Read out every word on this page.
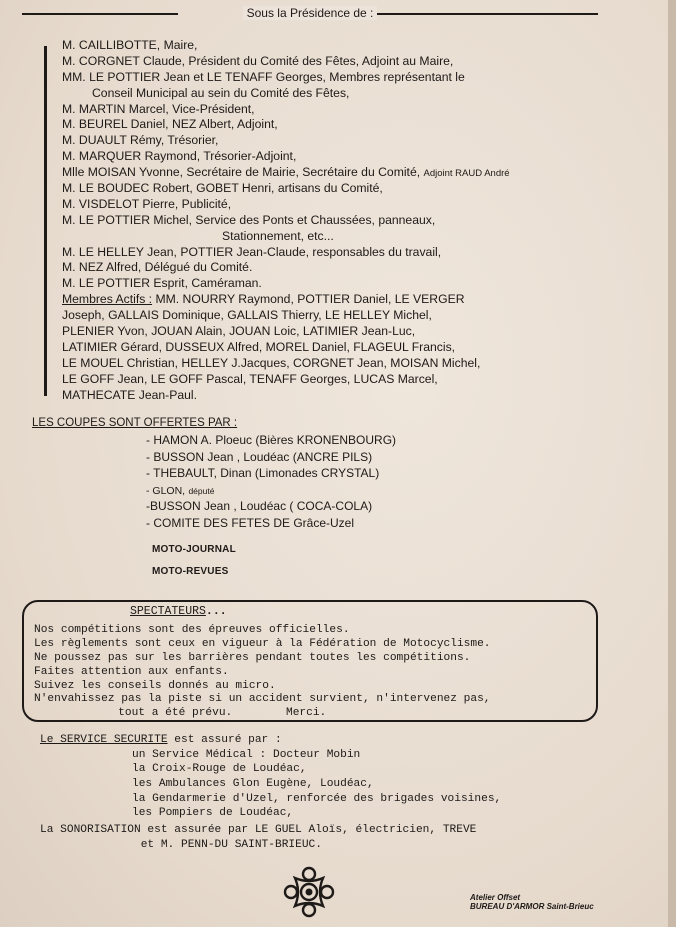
Sous la Présidence de :
M. CAILLIBOTTE, Maire,
M. CORGNET Claude, Président du Comité des Fêtes, Adjoint au Maire,
MM. LE POTTIER Jean et LE TENAFF Georges, Membres représentant le
Conseil Municipal au sein du Comité des Fêtes,
M. MARTIN Marcel, Vice-Président,
M. BEUREL Daniel, NEZ Albert, Adjoint,
M. DUAULT Rémy, Trésorier,
M. MARQUER Raymond, Trésorier-Adjoint,
Mlle MOISAN Yvonne, Secrétaire de Mairie, Secrétaire du Comité, Adjoint RAUD André
M. LE BOUDEC Robert, GOBET Henri, artisans du Comité,
M. VISDELOT Pierre, Publicité,
M. LE POTTIER Michel, Service des Ponts et Chaussées, panneaux,
Stationnement, etc...
M. LE HELLEY Jean, POTTIER Jean-Claude, responsables du travail,
M. NEZ Alfred, Délégué du Comité.
M. LE POTTIER Esprit, Caméraman.
Membres Actifs : MM. NOURRY Raymond, POTTIER Daniel, LE VERGER
Joseph, GALLAIS Dominique, GALLAIS Thierry, LE HELLEY Michel,
PLENIER Yvon, JOUAN Alain, JOUAN Loic, LATIMIER Jean-Luc,
LATIMIER Gérard, DUSSEUX Alfred, MOREL Daniel, FLAGEUL Francis,
LE MOUEL Christian, HELLEY J.Jacques, CORGNET Jean, MOISAN Michel,
LE GOFF Jean, LE GOFF Pascal, TENAFF Georges, LUCAS Marcel,
MATHECATE Jean-Paul.
LES COUPES SONT OFFERTES PAR :
- HAMON A. Ploeuc (Bières KRONENBOURG)
- BUSSON Jean , Loudéac (ANCRE PILS)
- THEBAULT, Dinan (Limonades CRYSTAL)
- GLON, député
-BUSSON Jean , Loudéac ( COCA-COLA)
- COMITE DES FETES DE Grâce-Uzel
MOTO-JOURNAL
MOTO-REVUES
SPECTATEURS...
Nos compétitions sont des épreuves officielles.
Les règlements sont ceux en vigueur à la Fédération de Motocyclisme.
Ne poussez pas sur les barrières pendant toutes les compétitions.
Faites attention aux enfants.
Suivez les conseils donnés au micro.
N'envahissez pas la piste si un accident survient, n'intervenez pas,
tout a été prévu.        Merci.
Le SERVICE SECURITE est assuré par :
un Service Médical : Docteur Mobin
la Croix-Rouge de Loudéac,
les Ambulances Glon Eugène, Loudéac,
la Gendarmerie d'Uzel, renforcée des brigades voisines,
les Pompiers de Loudéac,
La SONORISATION est assurée par LE GUEL Aloïs, électricien, TREVE
et M. PENN-DU SAINT-BRIEUC.
Atelier Offset
BUREAU D'ARMOR Saint-Brieuc
